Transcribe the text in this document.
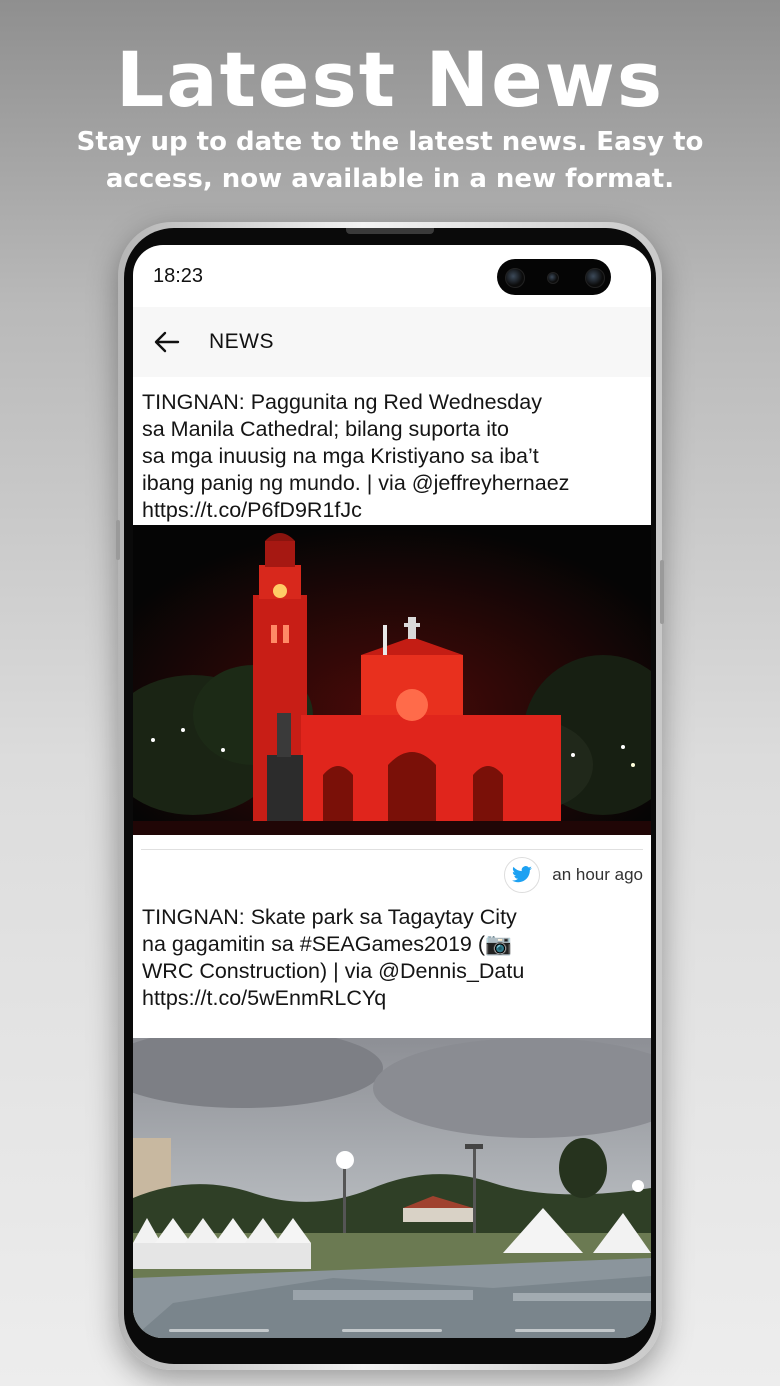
Latest News
Stay up to date to the latest news. Easy to access, now available in a new format.
18:23
NEWS

TINGNAN: Paggunita ng Red Wednesday
sa Manila Cathedral; bilang suporta ito
sa mga inuusig na mga Kristiyano sa iba’t
ibang panig ng mundo. | via @jeffreyhernaez
https://t.co/P6fD9R1fJc

an hour ago

TINGNAN: Skate park sa Tagaytay City
na gagamitin sa #SEAGames2019 (📷
WRC Construction) | via @Dennis_Datu
https://t.co/5wEnmRLCYq
